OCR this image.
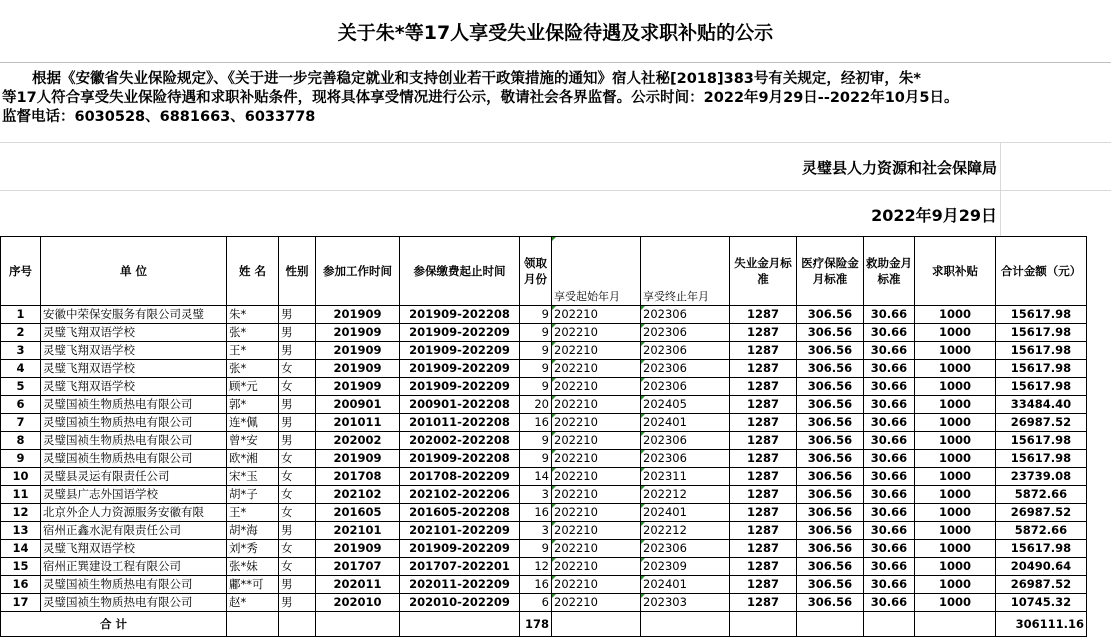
关于朱*等17人享受失业保险待遇及求职补贴的公示
根据《安徽省失业保险规定》、《关于进一步完善稳定就业和支持创业若干政策措施的通知》宿人社秘[2018]383号有关规定，经初审，朱*
等17人符合享受失业保险待遇和求职补贴条件，现将具体享受情况进行公示，敬请社会各界监督。公示时间：2022年9月29日--2022年10月5日。
监督电话：6030528、6881663、6033778
灵璧县人力资源和社会保障局
2022年9月29日
序号	单 位	姓 名	性别	参加工作时间	参保缴费起止时间	领取月份	享受起始年月	享受终止年月	失业金月标准	医疗保险金月标准	救助金月标准	求职补贴	合计金额（元）
1	安徽中荣保安服务有限公司灵璧	朱*	男	201909	201909-202208	9	202210	202306	1287	306.56	30.66	1000	15617.98
2	灵璧飞翔双语学校	张*	男	201909	201909-202209	9	202210	202306	1287	306.56	30.66	1000	15617.98
3	灵璧飞翔双语学校	王*	男	201909	201909-202209	9	202210	202306	1287	306.56	30.66	1000	15617.98
4	灵璧飞翔双语学校	张*	女	201909	201909-202209	9	202210	202306	1287	306.56	30.66	1000	15617.98
5	灵璧飞翔双语学校	顾*元	女	201909	201909-202209	9	202210	202306	1287	306.56	30.66	1000	15617.98
6	灵璧国祯生物质热电有限公司	郭*	男	200901	200901-202208	20	202210	202405	1287	306.56	30.66	1000	33484.40
7	灵璧国祯生物质热电有限公司	连*佩	男	201011	201011-202208	16	202210	202401	1287	306.56	30.66	1000	26987.52
8	灵璧国祯生物质热电有限公司	曾*安	男	202002	202002-202208	9	202210	202306	1287	306.56	30.66	1000	15617.98
9	灵璧国祯生物质热电有限公司	欧*湘	女	201909	201909-202208	9	202210	202306	1287	306.56	30.66	1000	15617.98
10	灵璧县灵运有限责任公司	宋*玉	女	201708	201708-202209	14	202210	202311	1287	306.56	30.66	1000	23739.08
11	灵璧县广志外国语学校	胡*子	女	202102	202102-202206	3	202210	202212	1287	306.56	30.66	1000	5872.66
12	北京外企人力资源服务安徽有限	王*	女	201605	201605-202208	16	202210	202401	1287	306.56	30.66	1000	26987.52
13	宿州正鑫水泥有限责任公司	胡*海	男	202101	202101-202209	3	202210	202212	1287	306.56	30.66	1000	5872.66
14	灵璧飞翔双语学校	刘*秀	女	201909	201909-202209	9	202210	202306	1287	306.56	30.66	1000	15617.98
15	宿州正巽建设工程有限公司	张*妹	女	201707	201707-202201	12	202210	202309	1287	306.56	30.66	1000	20490.64
16	灵璧国祯生物质热电有限公司	鄘**可	男	202011	202011-202209	16	202210	202401	1287	306.56	30.66	1000	26987.52
17	灵璧国祯生物质热电有限公司	赵*	男	202010	202010-202209	6	202210	202303	1287	306.56	30.66	1000	10745.32
合 计						178							306111.16
